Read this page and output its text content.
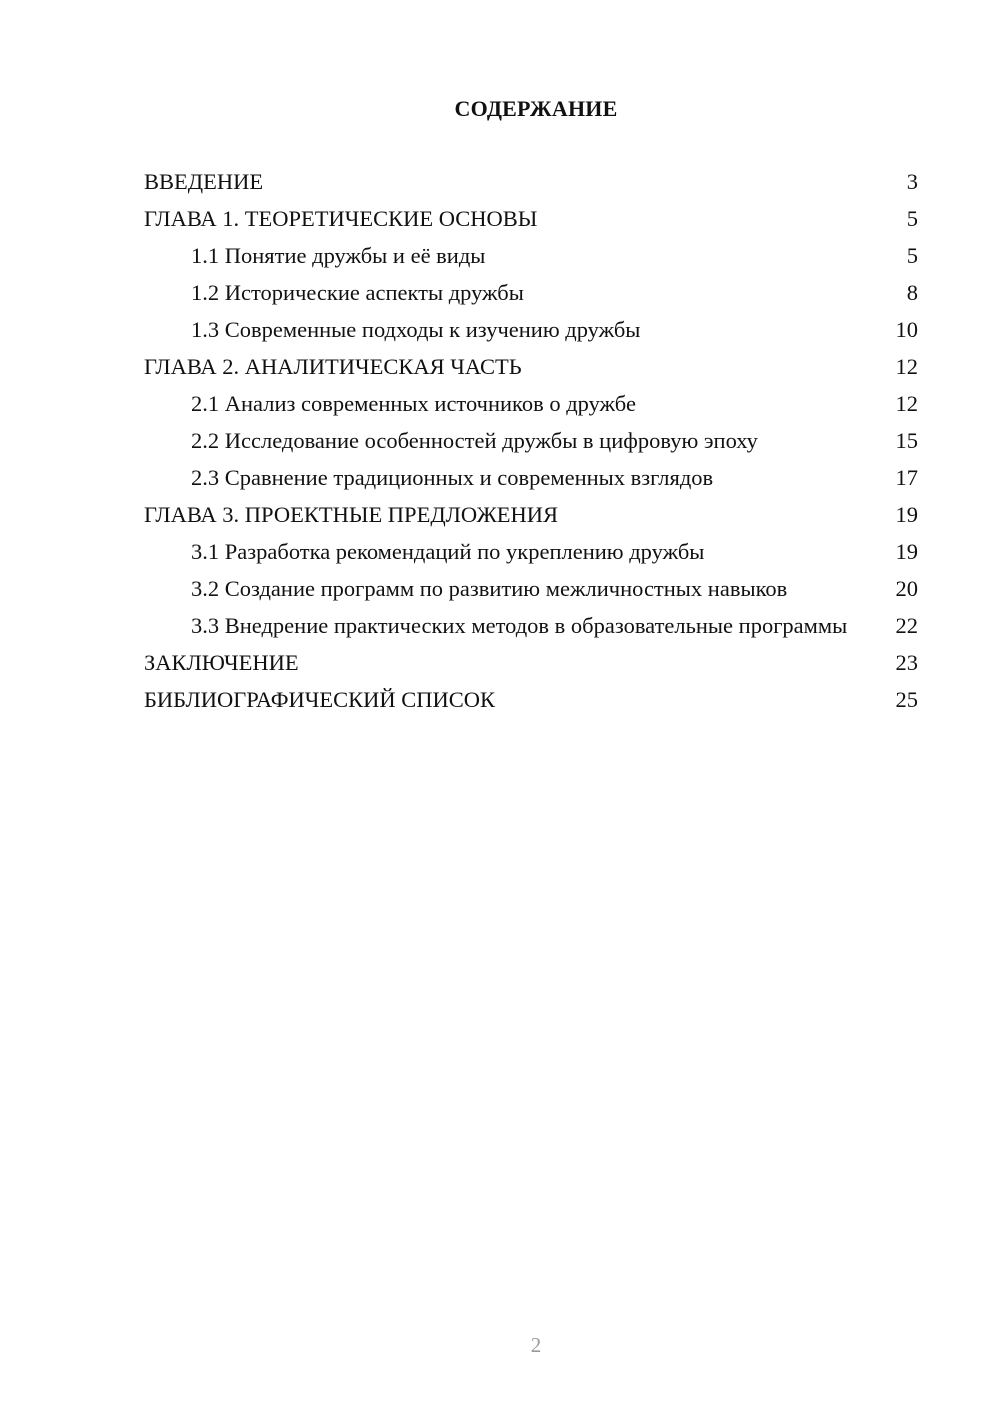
СОДЕРЖАНИЕ
ВВЕДЕНИЕ	3
ГЛАВА 1. ТЕОРЕТИЧЕСКИЕ ОСНОВЫ	5
1.1 Понятие дружбы и её виды	5
1.2 Исторические аспекты дружбы	8
1.3 Современные подходы к изучению дружбы	10
ГЛАВА 2. АНАЛИТИЧЕСКАЯ ЧАСТЬ	12
2.1 Анализ современных источников о дружбе	12
2.2 Исследование особенностей дружбы в цифровую эпоху	15
2.3 Сравнение традиционных и современных взглядов	17
ГЛАВА 3. ПРОЕКТНЫЕ ПРЕДЛОЖЕНИЯ	19
3.1 Разработка рекомендаций по укреплению дружбы	19
3.2 Создание программ по развитию межличностных навыков	20
3.3 Внедрение практических методов в образовательные программы	22
ЗАКЛЮЧЕНИЕ	23
БИБЛИОГРАФИЧЕСКИЙ СПИСОК	25
2
